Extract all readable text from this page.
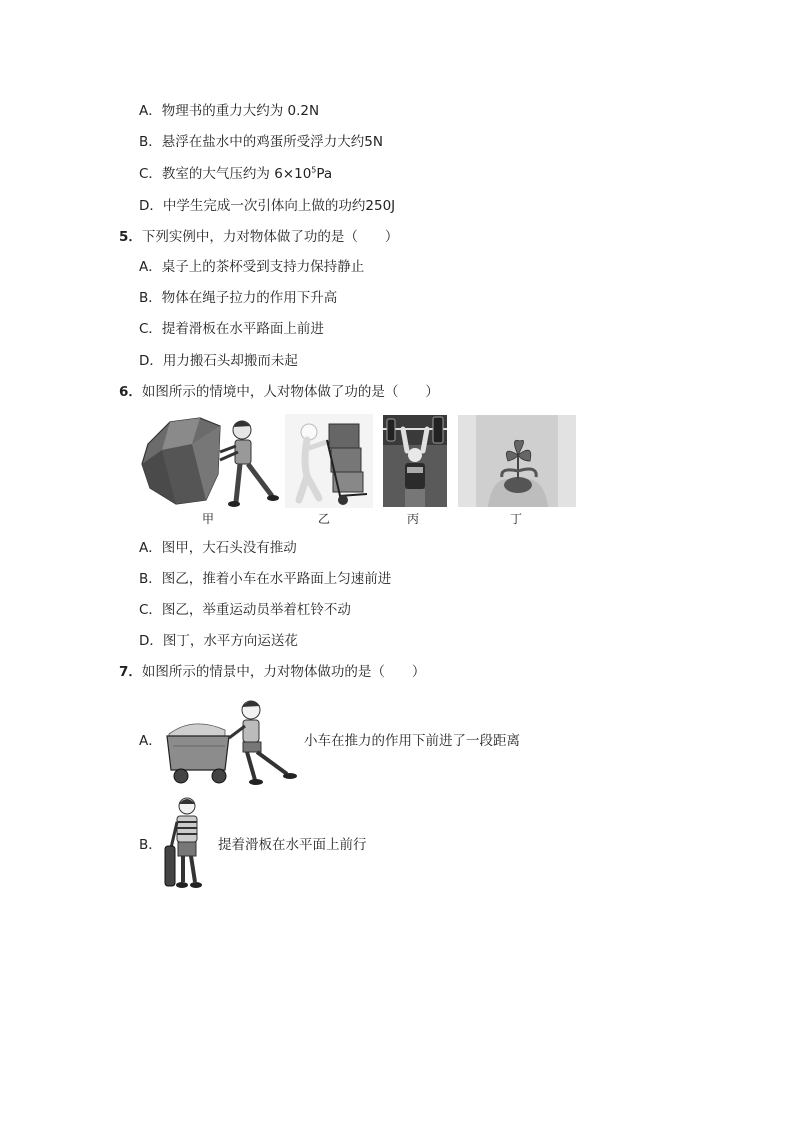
A．物理书的重力大约为 0.2N
B．悬浮在盐水中的鸡蛋所受浮力大约5N
C．教室的大气压约为 $6\times 10^5Pa$
D．中学生完成一次引体向上做的功约250J
5．下列实例中，力对物体做了功的是（　　）
A．桌子上的茶杯受到支持力保持静止
B．物体在绳子拉力的作用下升高
C．提着滑板在水平路面上前进
D．用力搬石头却搬而未起
6．如图所示的情境中，人对物体做了功的是（　　）
甲	乙	丙	丁
A．图甲，大石头没有推动
B．图乙，推着小车在水平路面上匀速前进
C．图乙，举重运动员举着杠铃不动
D．图丁，水平方向运送花
7．如图所示的情景中，力对物体做功的是（　　）
A．	小车在推力的作用下前进了一段距离
B．	提着滑板在水平面上前行
